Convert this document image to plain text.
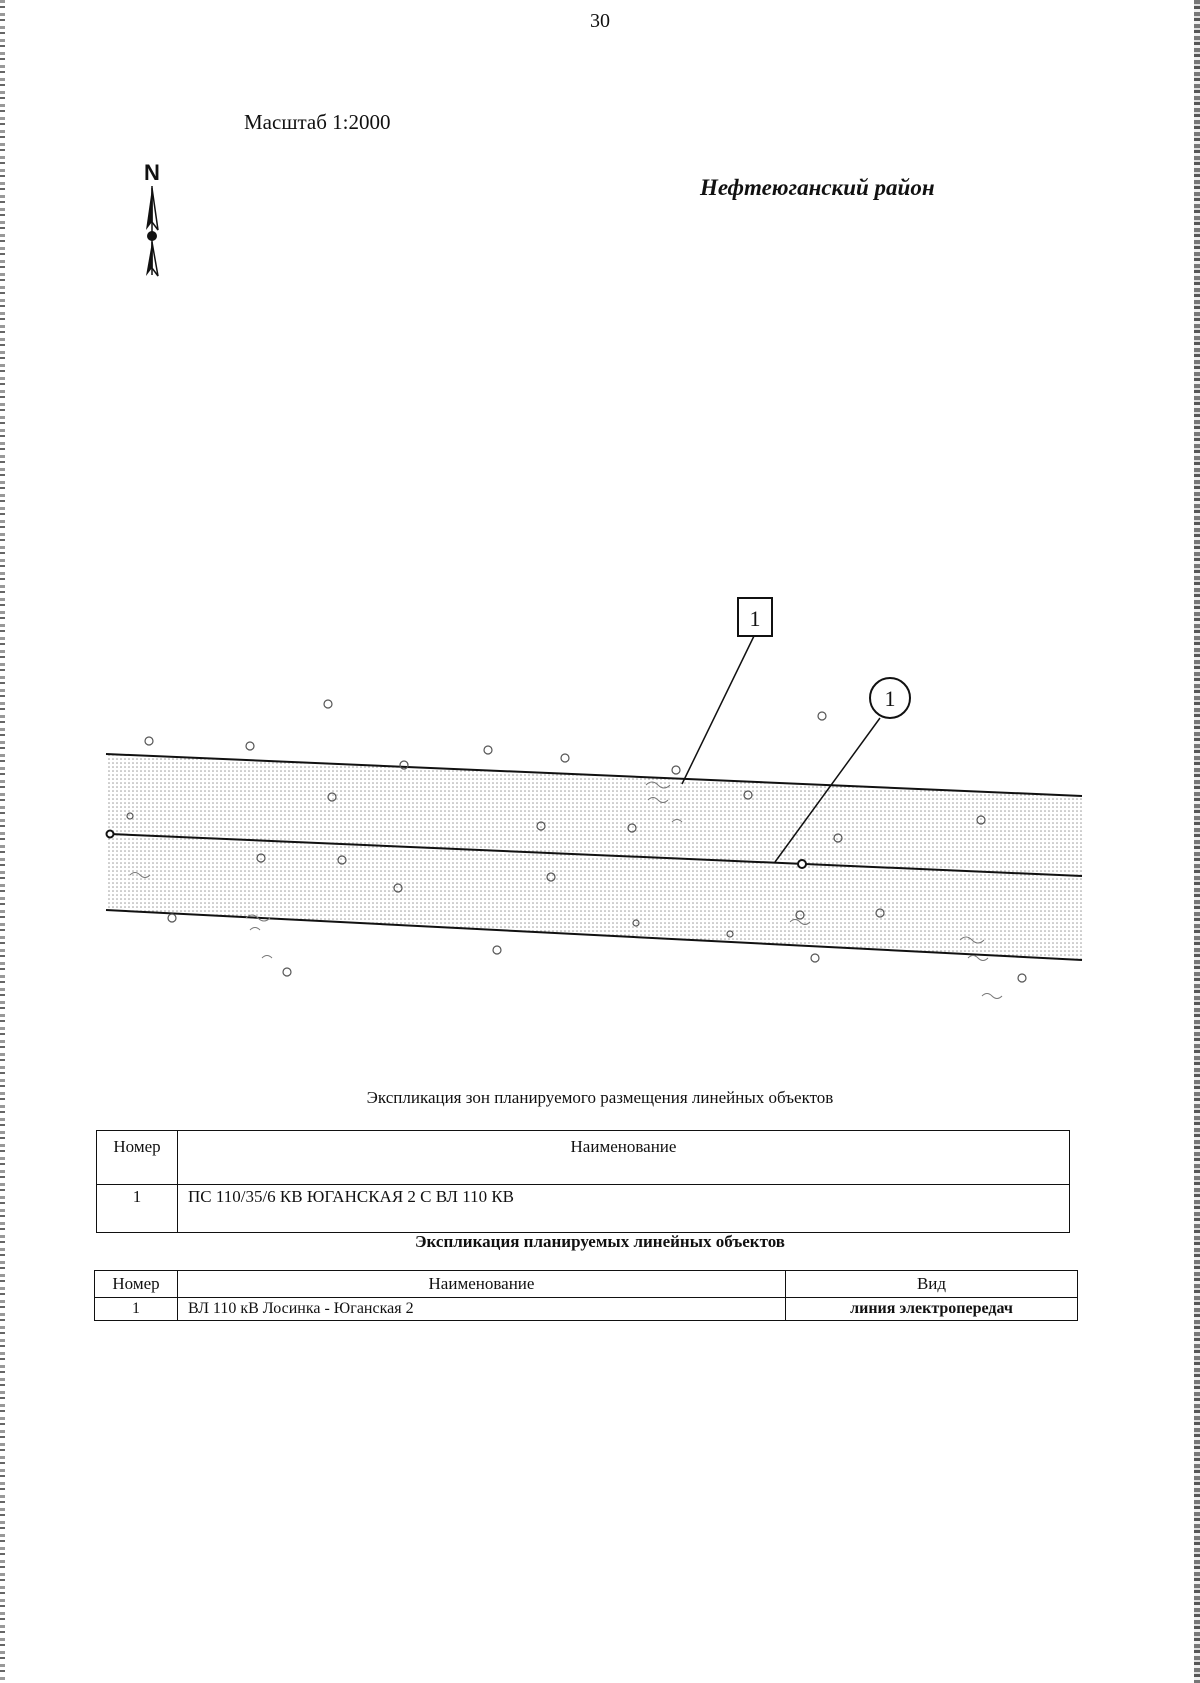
30
Масштаб 1:2000
Нефтеюганский район
N
1
1
Экспликация зон планируемого размещения линейных объектов
Номер	Наименование
1	ПС 110/35/6 КВ ЮГАНСКАЯ 2 С ВЛ 110 КВ
Экспликация планируемых линейных объектов
Номер	Наименование	Вид
1	ВЛ 110 кВ Лосинка - Юганская 2	линия электропередач
